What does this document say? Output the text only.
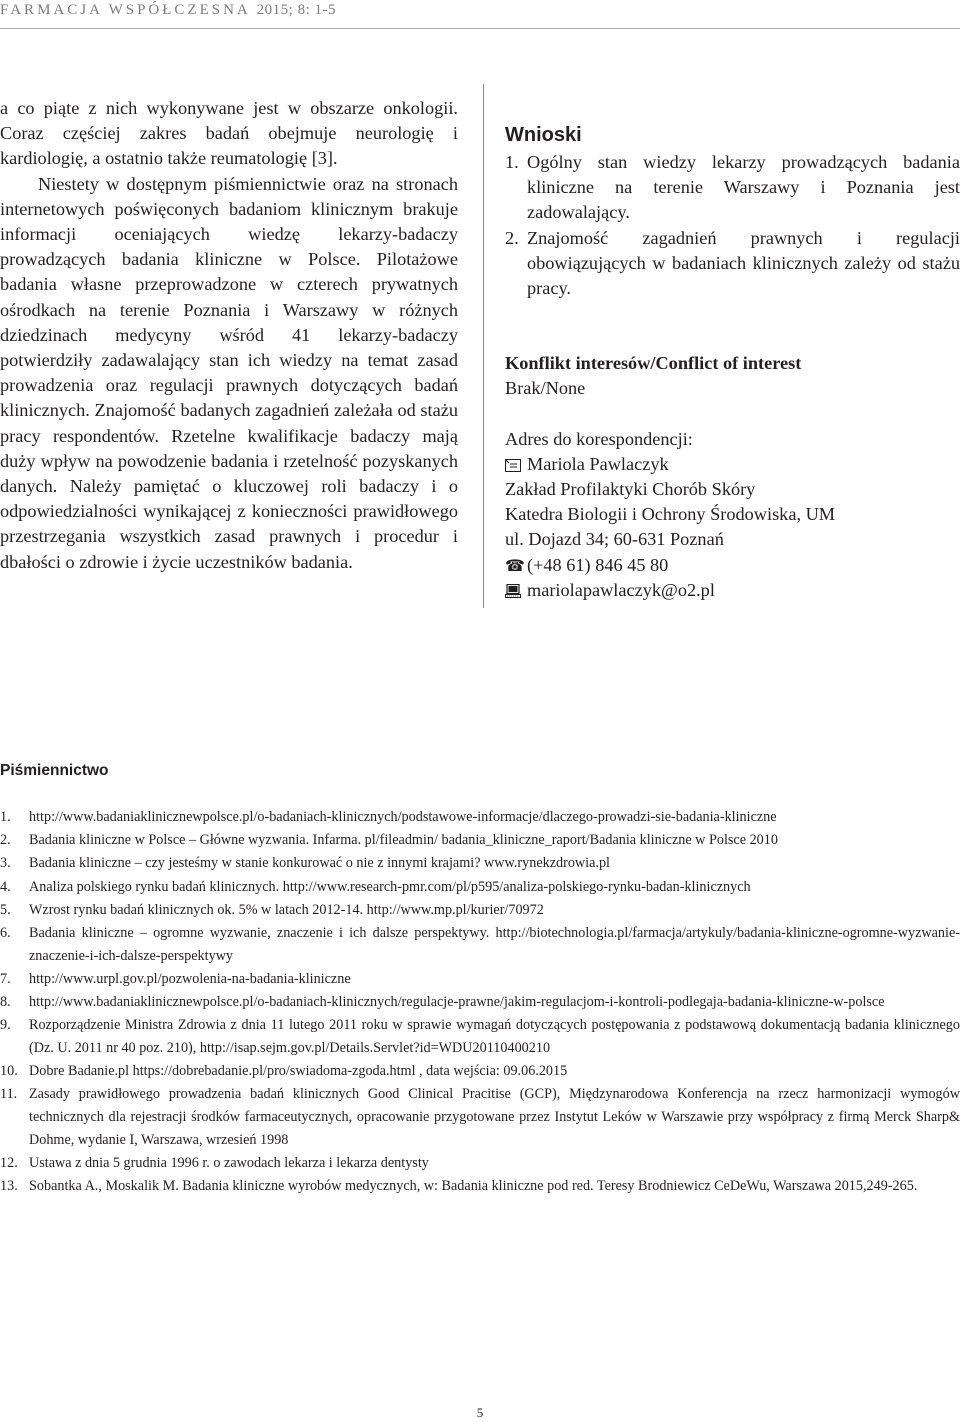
FARMACJA WSPÓŁCZESNA 2015; 8: 1-5

a co piąte z nich wykonywane jest w obszarze onkologii. Coraz częściej zakres badań obejmuje neurologię i kardiologię, a ostatnio także reumatologię [3].

Niestety w dostępnym piśmiennictwie oraz na stronach internetowych poświęconych badaniom klinicznym brakuje informacji oceniających wiedzę lekarzy-badaczy prowadzących badania kliniczne w Polsce. Pilotażowe badania własne przeprowadzone w czterech prywatnych ośrodkach na terenie Poznania i Warszawy w różnych dziedzinach medycyny wśród 41 lekarzy-badaczy potwierdziły zadawalający stan ich wiedzy na temat zasad prowadzenia oraz regulacji prawnych dotyczących badań klinicznych. Znajomość badanych zagadnień zależała od stażu pracy respondentów. Rzetelne kwalifikacje badaczy mają duży wpływ na powodzenie badania i rzetelność pozyskanych danych. Należy pamiętać o kluczowej roli badaczy i o odpowiedzialności wynikającej z konieczności prawidłowego przestrzegania wszystkich zasad prawnych i procedur i dbałości o zdrowie i życie uczestników badania.

Wnioski
1. Ogólny stan wiedzy lekarzy prowadzących badania kliniczne na terenie Warszawy i Poznania jest zadowalający.
2. Znajomość zagadnień prawnych i regulacji obowiązujących w badaniach klinicznych zależy od stażu pracy.
Konflikt interesów/Conflict of interest
Brak/None
Adres do korespondencji:
Mariola Pawlaczyk
Zakład Profilaktyki Chorób Skóry
Katedra Biologii i Ochrony Środowiska, UM
ul. Dojazd 34; 60-631 Poznań
☎ (+48 61) 846 45 80
mariolapawlaczyk@o2.pl
Piśmiennictwo
1.	http://www.badaniaklinicznewpolsce.pl/o-badaniach-klinicznych/podstawowe-informacje/dlaczego-prowadzi-sie-badania-kliniczne
2.	Badania kliniczne w Polsce – Główne wyzwania. Infarma. pl/fileadmin/ badania_kliniczne_raport/Badania kliniczne w Polsce 2010
3.	Badania kliniczne – czy jesteśmy w stanie konkurować o nie z innymi krajami? www.rynekzdrowia.pl
4.	Analiza polskiego rynku badań klinicznych. http://www.research-pmr.com/pl/p595/analiza-polskiego-rynku-badan-klinicznych
5.	Wzrost rynku badań klinicznych ok. 5% w latach 2012-14. http://www.mp.pl/kurier/70972
6.	Badania kliniczne – ogromne wyzwanie, znaczenie i ich dalsze perspektywy. http://biotechnologia.pl/farmacja/artykuly/badania-kliniczne-ogromne-wyzwanie-znaczenie-i-ich-dalsze-perspektywy
7.	http://www.urpl.gov.pl/pozwolenia-na-badania-kliniczne
8.	http://www.badaniaklinicznewpolsce.pl/o-badaniach-klinicznych/regulacje-prawne/jakim-regulacjom-i-kontroli-podlegaja-badania-kliniczne-w-polsce
9.	Rozporządzenie Ministra Zdrowia z dnia 11 lutego 2011 roku w sprawie wymagań dotyczących postępowania z podstawową dokumentacją badania klinicznego (Dz. U. 2011 nr 40 poz. 210), http://isap.sejm.gov.pl/Details.Servlet?id=WDU20110400210
10. Dobre Badanie.pl https://dobrebadanie.pl/pro/swiadoma-zgoda.html , data wejścia: 09.06.2015
11. Zasady prawidłowego prowadzenia badań klinicznych Good Clinical Pracitise (GCP), Międzynarodowa Konferencja na rzecz harmonizacji wymogów technicznych dla rejestracji środków farmaceutycznych, opracowanie przygotowane przez Instytut Leków w Warszawie przy współpracy z firmą Merck Sharp& Dohme, wydanie I, Warszawa, wrzesień 1998
12. Ustawa z dnia 5 grudnia 1996 r. o zawodach lekarza i lekarza dentysty
13. Sobantka A., Moskalik M. Badania kliniczne wyrobów medycznych, w: Badania kliniczne pod red. Teresy Brodniewicz CeDeWu, Warszawa 2015,249-265.
5
